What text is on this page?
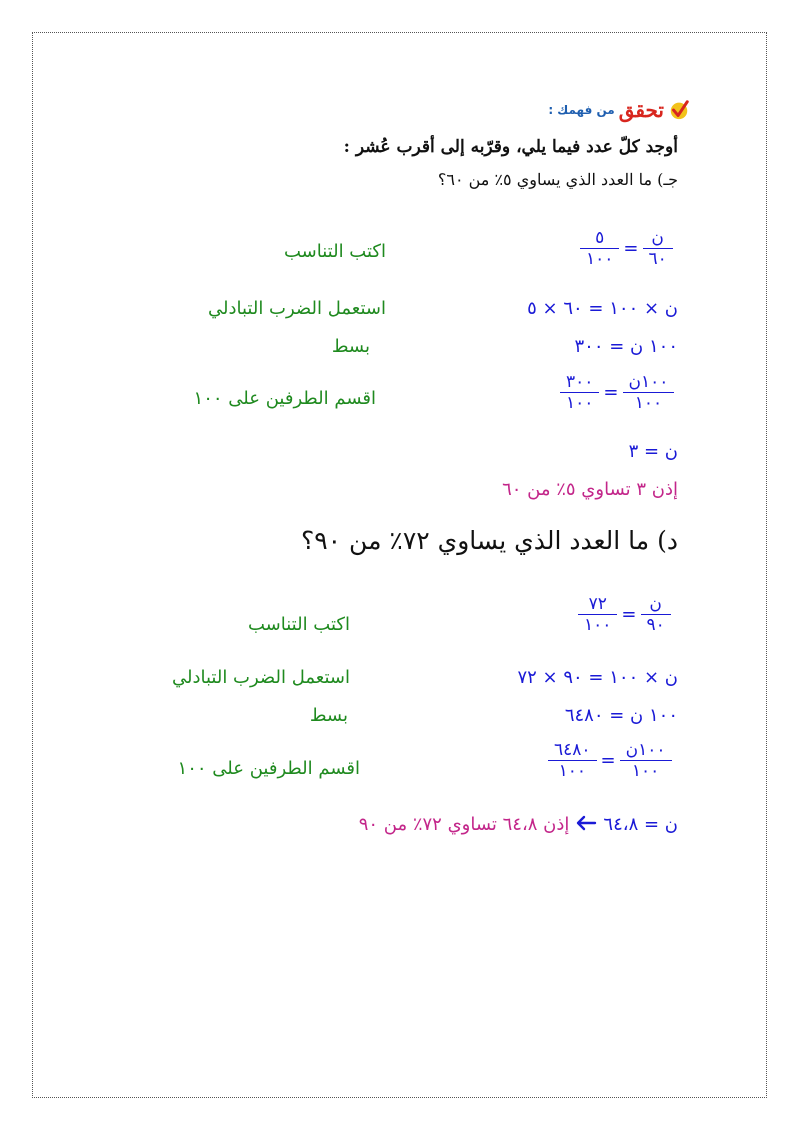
تحقق
من فهمك :
أوجد كلّ عدد فيما يلي، وقرّبه إلى أقرب عُشر :
جـ) ما العدد الذي يساوي ٥٪ من ٦٠؟
$\frac{٥}{١٠٠} = \frac{\text{ن}}{٦٠}$
اكتب التناسب
ن × ١٠٠ = ٦٠ × ٥
استعمل الضرب التبادلي
١٠٠ ن = ٣٠٠
بسط
$\frac{٣٠٠}{١٠٠} = \frac{\text{١٠٠ن}}{١٠٠}$
اقسم الطرفين على ١٠٠
ن = ٣
إذن ٣ تساوي ٥٪ من ٦٠
د) ما العدد الذي يساوي ٧٢٪ من ٩٠؟
$\frac{٧٢}{١٠٠} = \frac{\text{ن}}{٩٠}$
اكتب التناسب
ن × ١٠٠ = ٩٠ × ٧٢
استعمل الضرب التبادلي
١٠٠ ن = ٦٤٨٠
بسط
$\frac{٦٤٨٠}{١٠٠} = \frac{\text{١٠٠ن}}{١٠٠}$
اقسم الطرفين على ١٠٠
ن = ٦٤،٨
إذن ٦٤،٨ تساوي ٧٢٪ من ٩٠
